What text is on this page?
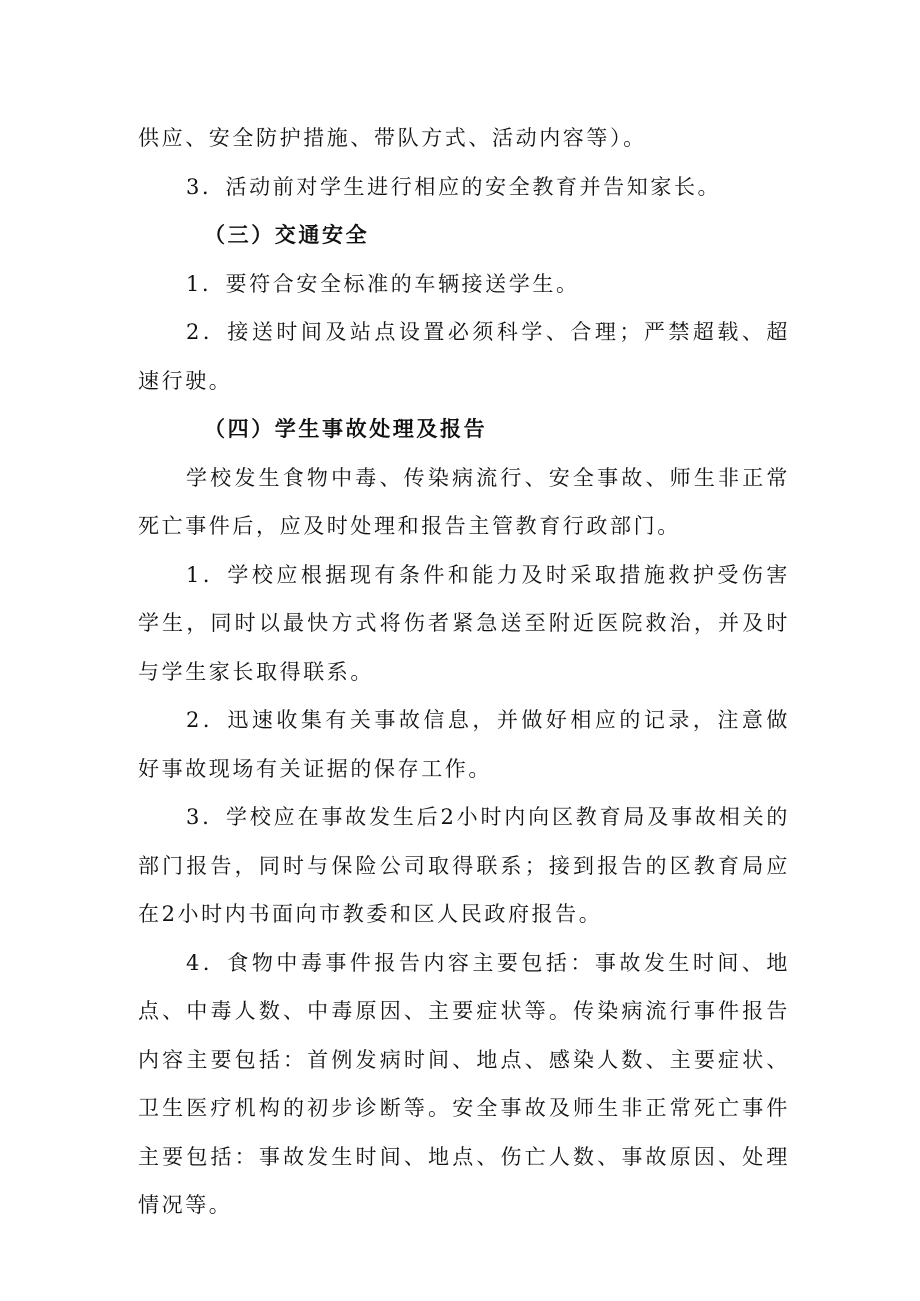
供应、安全防护措施、带队方式、活动内容等）。

3．活动前对学生进行相应的安全教育并告知家长。

（三）交通安全

1．要符合安全标准的车辆接送学生。

2．接送时间及站点设置必须科学、合理；严禁超载、超速行驶。

（四）学生事故处理及报告

学校发生食物中毒、传染病流行、安全事故、师生非正常死亡事件后，应及时处理和报告主管教育行政部门。

1．学校应根据现有条件和能力及时采取措施救护受伤害学生，同时以最快方式将伤者紧急送至附近医院救治，并及时与学生家长取得联系。

2．迅速收集有关事故信息，并做好相应的记录，注意做好事故现场有关证据的保存工作。

3．学校应在事故发生后2小时内向区教育局及事故相关的部门报告，同时与保险公司取得联系；接到报告的区教育局应在2小时内书面向市教委和区人民政府报告。

4．食物中毒事件报告内容主要包括：事故发生时间、地点、中毒人数、中毒原因、主要症状等。传染病流行事件报告内容主要包括：首例发病时间、地点、感染人数、主要症状、卫生医疗机构的初步诊断等。安全事故及师生非正常死亡事件主要包括：事故发生时间、地点、伤亡人数、事故原因、处理情况等。
